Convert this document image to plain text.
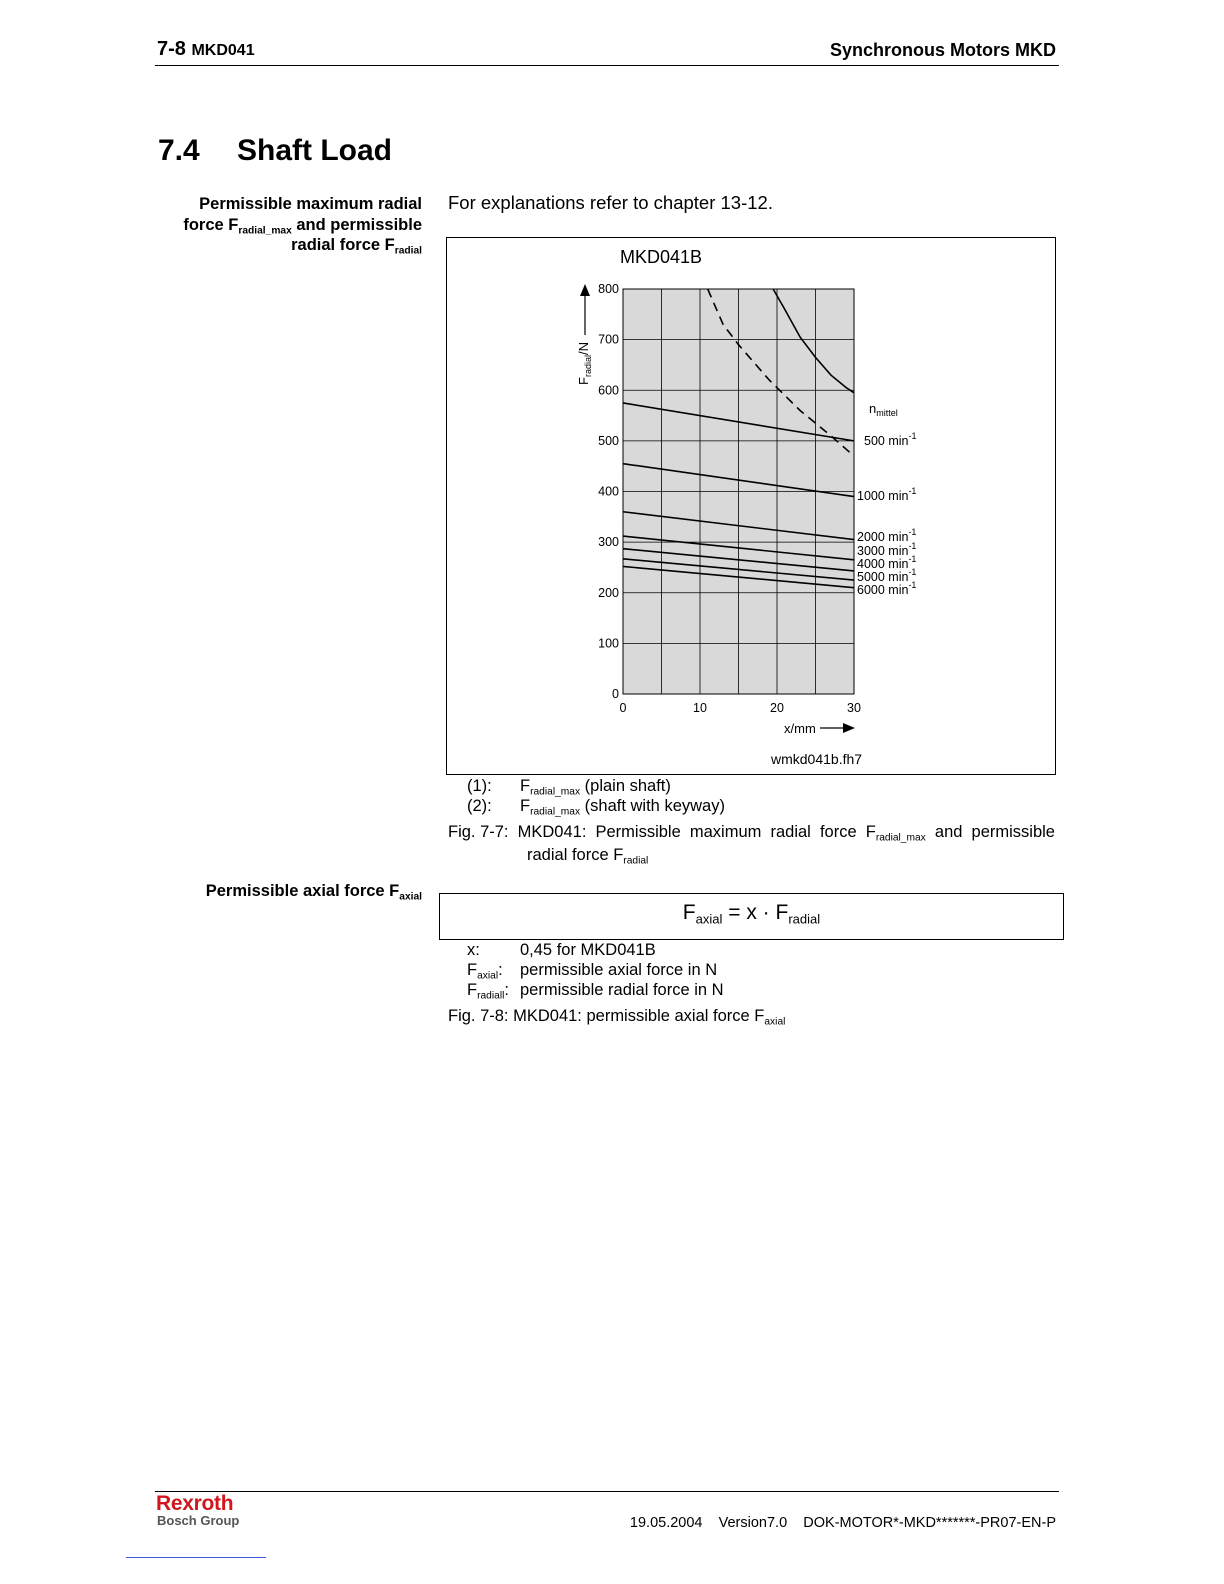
7-8 MKD041	Synchronous Motors MKD
7.4 Shaft Load
Permissible maximum radial
force $F_{radial\_max}$ and permissible
radial force $F_{radial}$
For explanations refer to chapter 13-12.
MKD041B
0
100
200
300
400
500
600
700
800
0	10	20	30
500 $\min^{-1}$
1000 $\min^{-1}$
2000 $\min^{-1}$
3000 $\min^{-1}$
4000 $\min^{-1}$
5000 $\min^{-1}$
6000 $\min^{-1}$
$F_{radial}/N$
x/mm
$n_{mittel}$
wmkd041b.fh7
(1): $F_{radial\_max}$ (plain shaft)
(2): $F_{radial\_max}$ (shaft with keyway)
Fig. 7-7: MKD041: Permissible maximum radial force $F_{radial\_max}$ and permissible
radial force $F_{radial}$
Permissible axial force $F_{axial}$
$F_{axial} = x \cdot F_{radial}$
x: 0,45 for MKD041B
$F_{axial}$: permissible axial force in N
$F_{radiall}$: permissible radial force in N
Fig. 7-8: MKD041: permissible axial force $F_{axial}$
Rexroth
Bosch Group	19.05.2004 Version7.0 DOK-MOTOR*-MKD*******-PR07-EN-P
